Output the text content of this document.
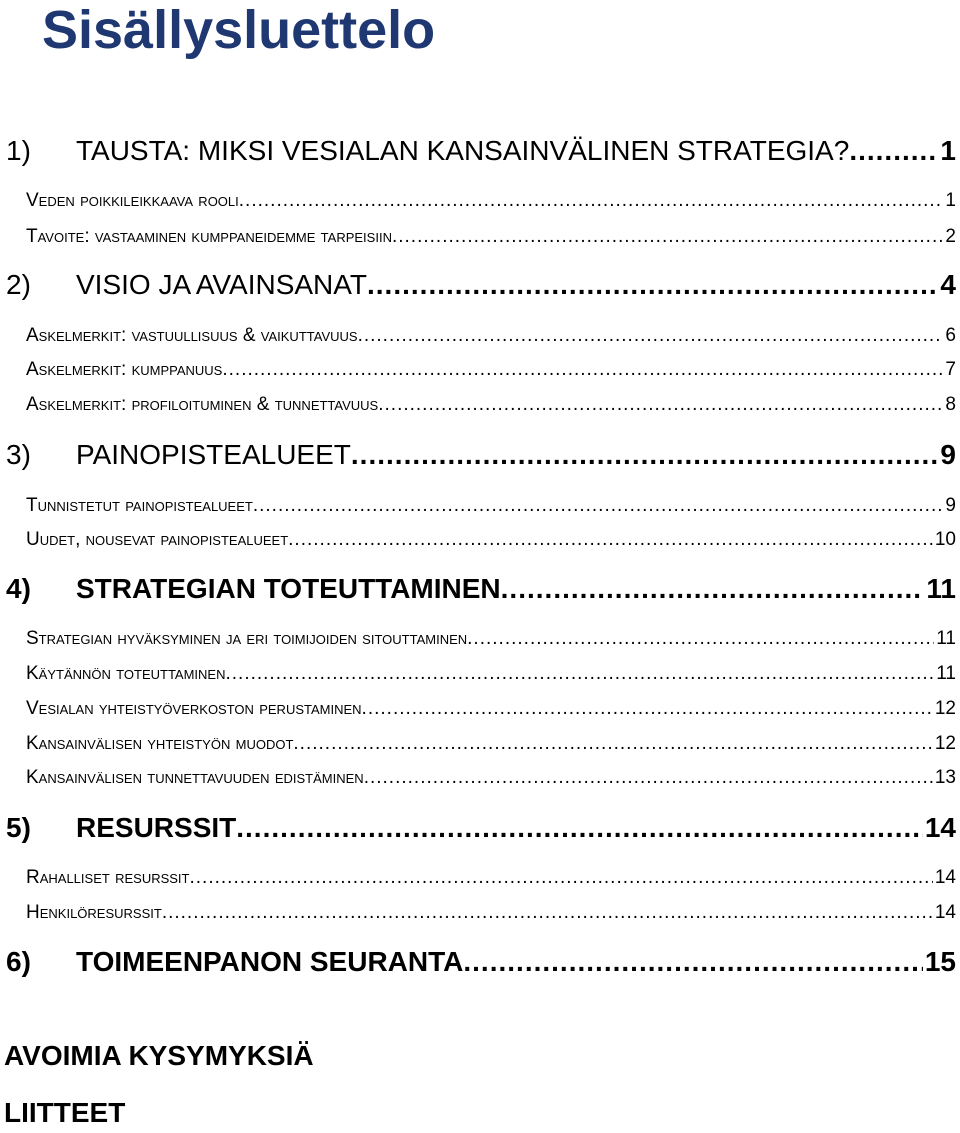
Sisällysluettelo
1)	TAUSTA: MIKSI VESIALAN KANSAINVÄLINEN STRATEGIA? .....	1
Veden poikkileikkaava rooli .....	1
Tavoite: vastaaminen kumppaneidemme tarpeisiin .....	2
2)	VISIO JA AVAINSANAT .....	4
Askelmerkit: vastuullisuus & vaikuttavuus .....	6
Askelmerkit: kumppanuus .....	7
Askelmerkit: profiloituminen & tunnettavuus .....	8
3)	PAINOPISTEALUEET .....	9
Tunnistetut painopistealueet .....	9
Uudet, nousevat painopistealueet .....	10
4)	STRATEGIAN TOTEUTTAMINEN .....	11
Strategian hyväksyminen ja eri toimijoiden sitouttaminen .....	11
Käytännön toteuttaminen .....	11
Vesialan yhteistyöverkoston perustaminen .....	12
Kansainvälisen yhteistyön muodot .....	12
Kansainvälisen tunnettavuuden edistäminen .....	13
5)	RESURSSIT .....	14
Rahalliset resurssit .....	14
Henkilöresurssit .....	14
6)	TOIMEENPANON SEURANTA .....	15
AVOIMIA KYSYMYKSIÄ
LIITTEET
